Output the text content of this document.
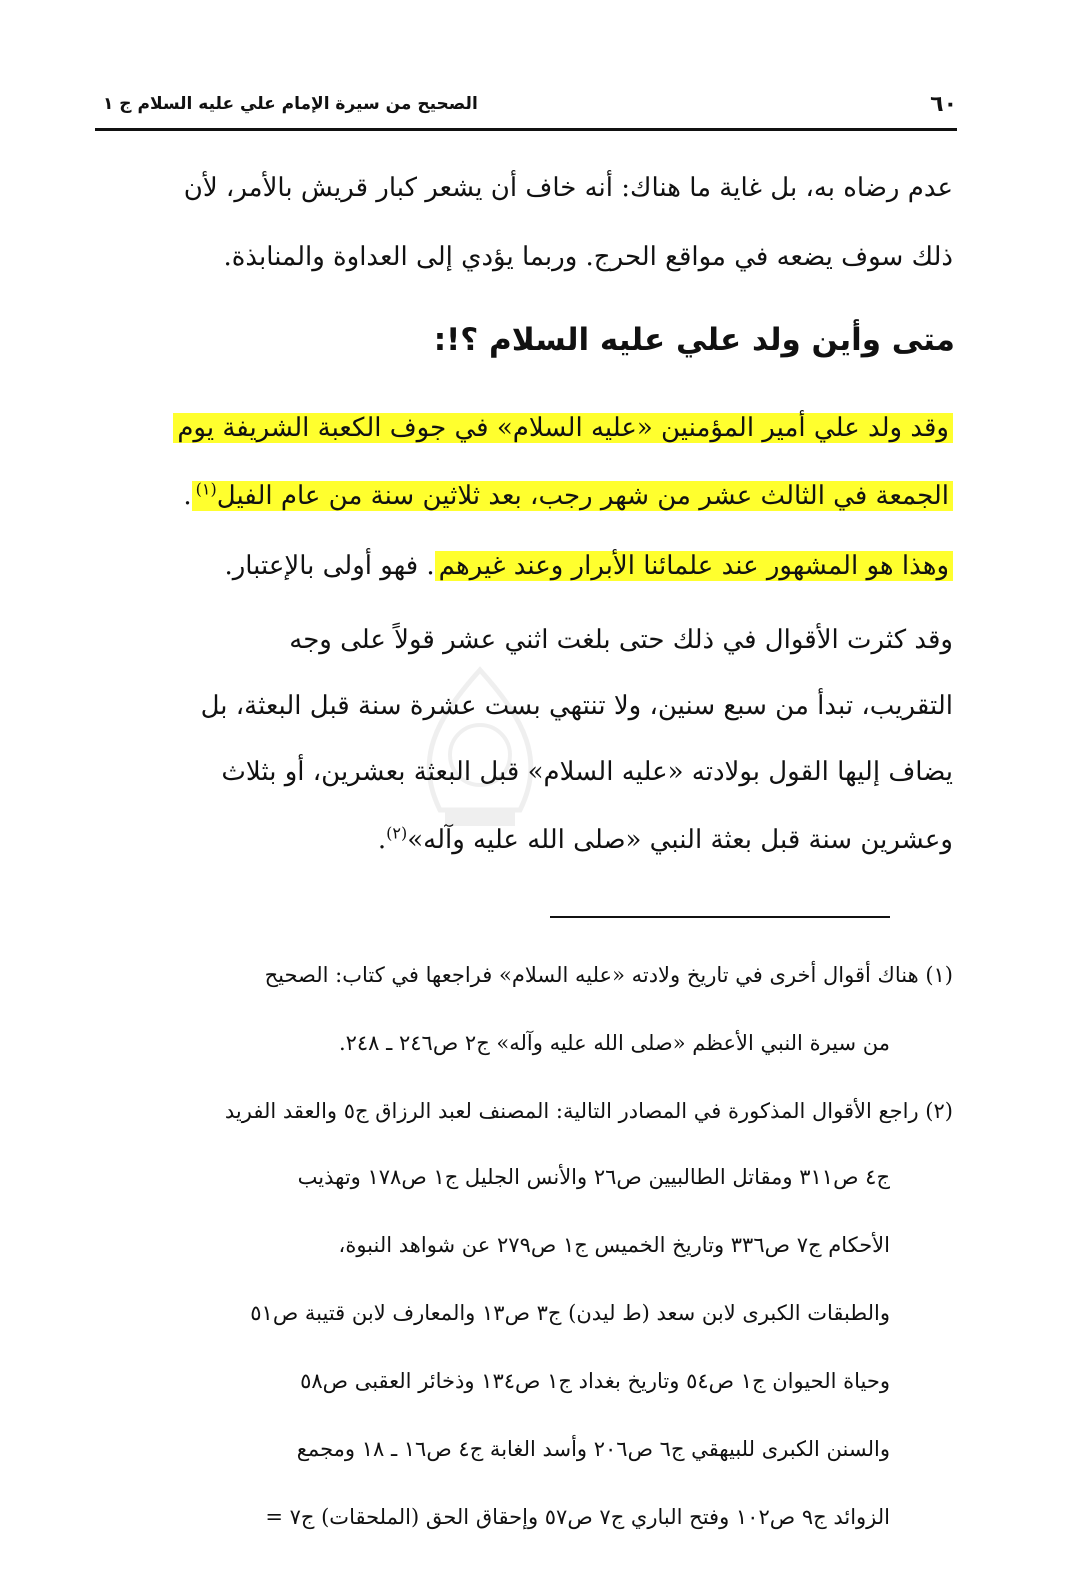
٦٠
الصحيح من سيرة الإمام علي عليه السلام ج ١
عدم رضاه به، بل غاية ما هناك: أنه خاف أن يشعر كبار قريش بالأمر، لأن
ذلك سوف يضعه في مواقع الحرج. وربما يؤدي إلى العداوة والمنابذة.
متى وأين ولد علي عليه السلام ؟!:
وقد ولد علي أمير المؤمنين «عليه السلام» في جوف الكعبة الشريفة يوم
الجمعة في الثالث عشر من شهر رجب، بعد ثلاثين سنة من عام الفيل$^{(١)}$.
وهذا هو المشهور عند علمائنا الأبرار وعند غيرهم. فهو أولى بالإعتبار.
وقد كثرت الأقوال في ذلك حتى بلغت اثني عشر قولاً على وجه
التقريب، تبدأ من سبع سنين، ولا تنتهي بست عشرة سنة قبل البعثة، بل
يضاف إليها القول بولادته «عليه السلام» قبل البعثة بعشرين، أو بثلاث
وعشرين سنة قبل بعثة النبي «صلى الله عليه وآله»$^{(٢)}$.
(١) هناك أقوال أخرى في تاريخ ولادته «عليه السلام» فراجعها في كتاب: الصحيح
من سيرة النبي الأعظم «صلى الله عليه وآله» ج٢ ص٢٤٦ ـ ٢٤٨.
(٢) راجع الأقوال المذكورة في المصادر التالية: المصنف لعبد الرزاق ج٥ والعقد الفريد
ج٤ ص٣١١ ومقاتل الطالبيين ص٢٦ والأنس الجليل ج١ ص١٧٨ وتهذيب
الأحكام ج٧ ص٣٣٦ وتاريخ الخميس ج١ ص٢٧٩ عن شواهد النبوة،
والطبقات الكبرى لابن سعد (ط ليدن) ج٣ ص١٣ والمعارف لابن قتيبة ص٥١
وحياة الحيوان ج١ ص٥٤ وتاريخ بغداد ج١ ص١٣٤ وذخائر العقبى ص٥٨
والسنن الكبرى للبيهقي ج٦ ص٢٠٦ وأسد الغابة ج٤ ص١٦ ـ ١٨ ومجمع
الزوائد ج٩ ص١٠٢ وفتح الباري ج٧ ص٥٧ وإحقاق الحق (الملحقات) ج٧ =
